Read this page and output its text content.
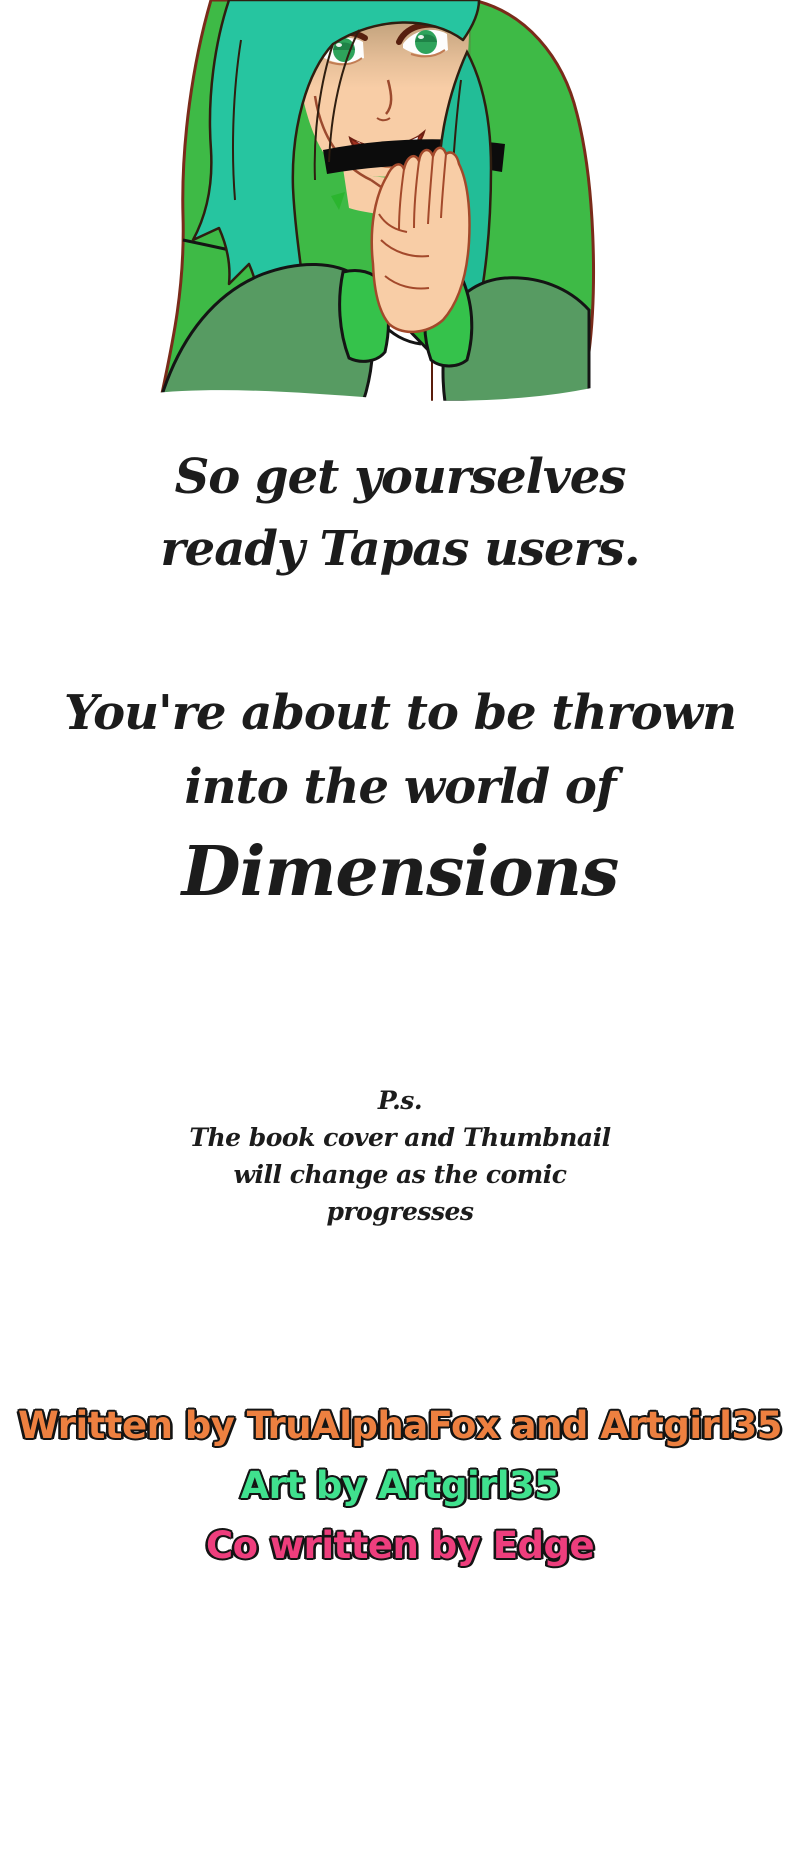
So get yourselves

ready Tapas users.

You're about to be thrown

into the world of

Dimensions

P.s.

The book cover and Thumbnail

will change as the comic

progresses

Written by TruAlphaFox and Artgirl35

Art by Artgirl35

Co written by Edge
